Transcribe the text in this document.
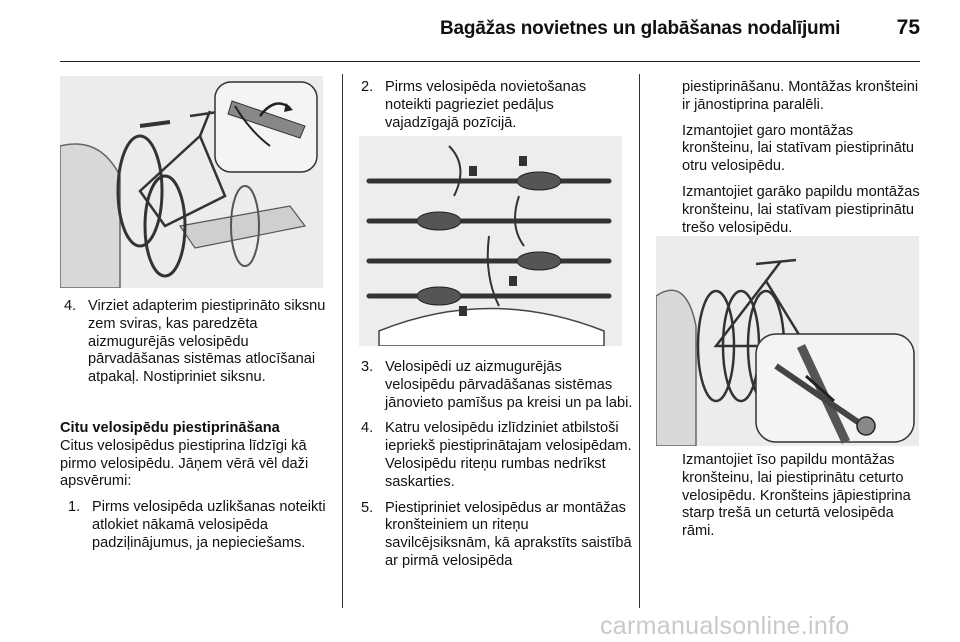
Bagāžas novietnes un glabāšanas nodalījumi	75
4. Virziet adapterim piestiprināto siksnu zem sviras, kas paredzēta aizmugurējās velosipēdu pārvadāšanas sistēmas atlocīšanai atpakaļ. Nostipriniet siksnu.

Citu velosipēdu piestiprināšana

Citus velosipēdus piestiprina līdzīgi kā pirmo velosipēdu. Jāņem vērā vēl daži apsvērumi:

1. Pirms velosipēda uzlikšanas noteikti atlokiet nākamā velosipēda padziļinājumus, ja nepieciešams.

2. Pirms velosipēda novietošanas noteikti pagrieziet pedāļus vajadzīgajā pozīcijā.

3. Velosipēdi uz aizmugurējās velosipēdu pārvadāšanas sistēmas jānovieto pamīšus pa kreisi un pa labi.

4. Katru velosipēdu izlīdziniet atbilstoši iepriekš piestiprinātajam velosipēdam. Velosipēdu riteņu rumbas nedrīkst saskarties.

5. Piestipriniet velosipēdus ar montāžas kronšteiniem un riteņu savilcējsiksnām, kā aprakstīts saistībā ar pirmā velosipēda

piestiprināšanu. Montāžas kronšteini ir jānostiprina paralēli.

Izmantojiet garo montāžas kronšteinu, lai statīvam piestiprinātu otru velosipēdu.

Izmantojiet garāko papildu montāžas kronšteinu, lai statīvam piestiprinātu trešo velosipēdu.

Izmantojiet īso papildu montāžas kronšteinu, lai piestiprinātu ceturto velosipēdu. Kronšteins jāpiestiprina starp trešā un ceturtā velosipēda rāmi.

carmanualsonline.info
